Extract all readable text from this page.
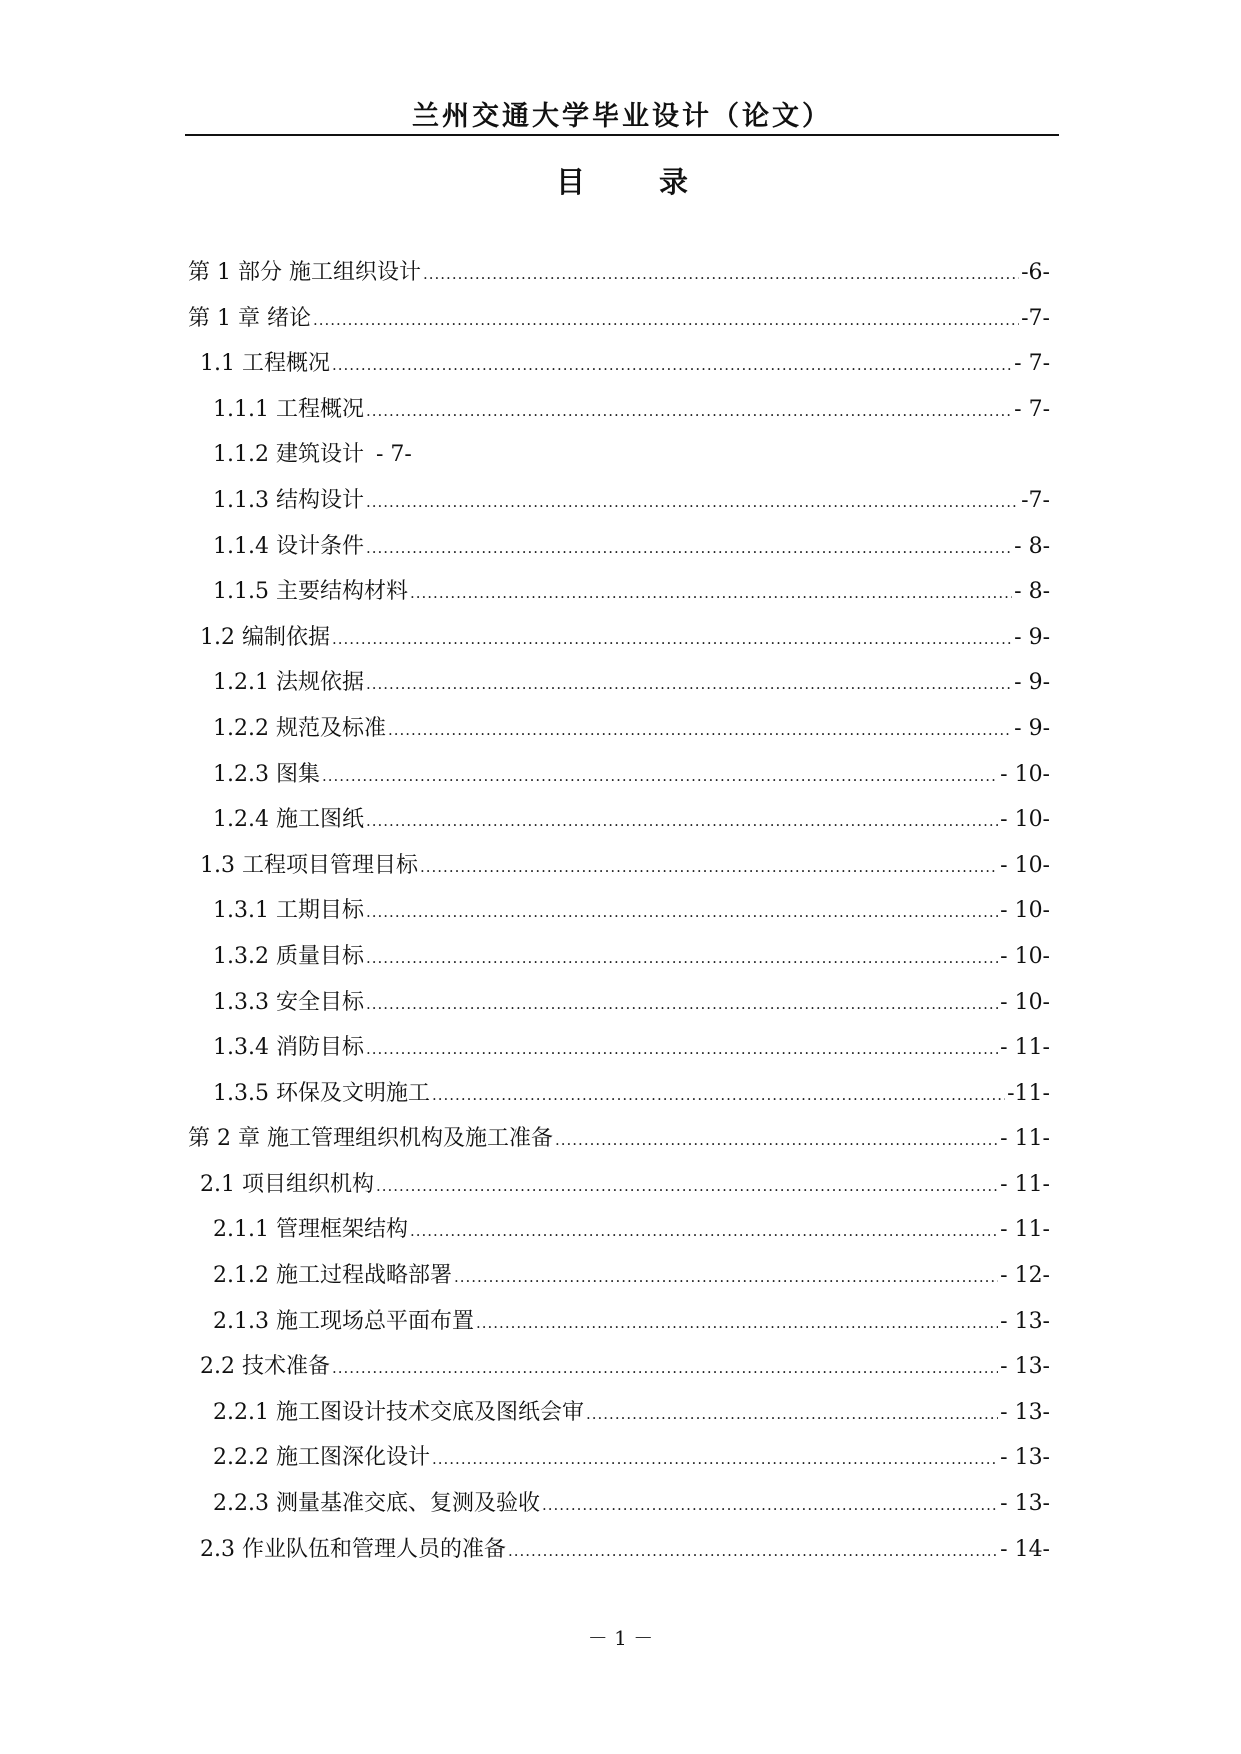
兰州交通大学毕业设计（论文）
目 录
第 1 部分 施工组织设计 .....	-6-
第 1 章 绪论 .....	-7-
1.1 工程概况 .....	- 7-
1.1.1 工程概况 .....	- 7-
1.1.2 建筑设计 - 7-
1.1.3 结构设计 .....	-7-
1.1.4 设计条件 .....	- 8-
1.1.5 主要结构材料 .....	- 8-
1.2 编制依据 .....	- 9-
1.2.1 法规依据 .....	- 9-
1.2.2 规范及标准 .....	- 9-
1.2.3 图集 .....	- 10-
1.2.4 施工图纸 .....	- 10-
1.3 工程项目管理目标 .....	- 10-
1.3.1 工期目标 .....	- 10-
1.3.2 质量目标 .....	- 10-
1.3.3 安全目标 .....	- 10-
1.3.4 消防目标 .....	- 11-
1.3.5 环保及文明施工 .....	-11-
第 2 章 施工管理组织机构及施工准备 .....	- 11-
2.1 项目组织机构 .....	- 11-
2.1.1 管理框架结构 .....	- 11-
2.1.2 施工过程战略部署 .....	- 12-
2.1.3 施工现场总平面布置 .....	- 13-
2.2 技术准备 .....	- 13-
2.2.1 施工图设计技术交底及图纸会审 .....	- 13-
2.2.2 施工图深化设计 .....	- 13-
2.2.3 测量基准交底、复测及验收 .....	- 13-
2.3 作业队伍和管理人员的准备 .....	- 14-
－ 1 －
